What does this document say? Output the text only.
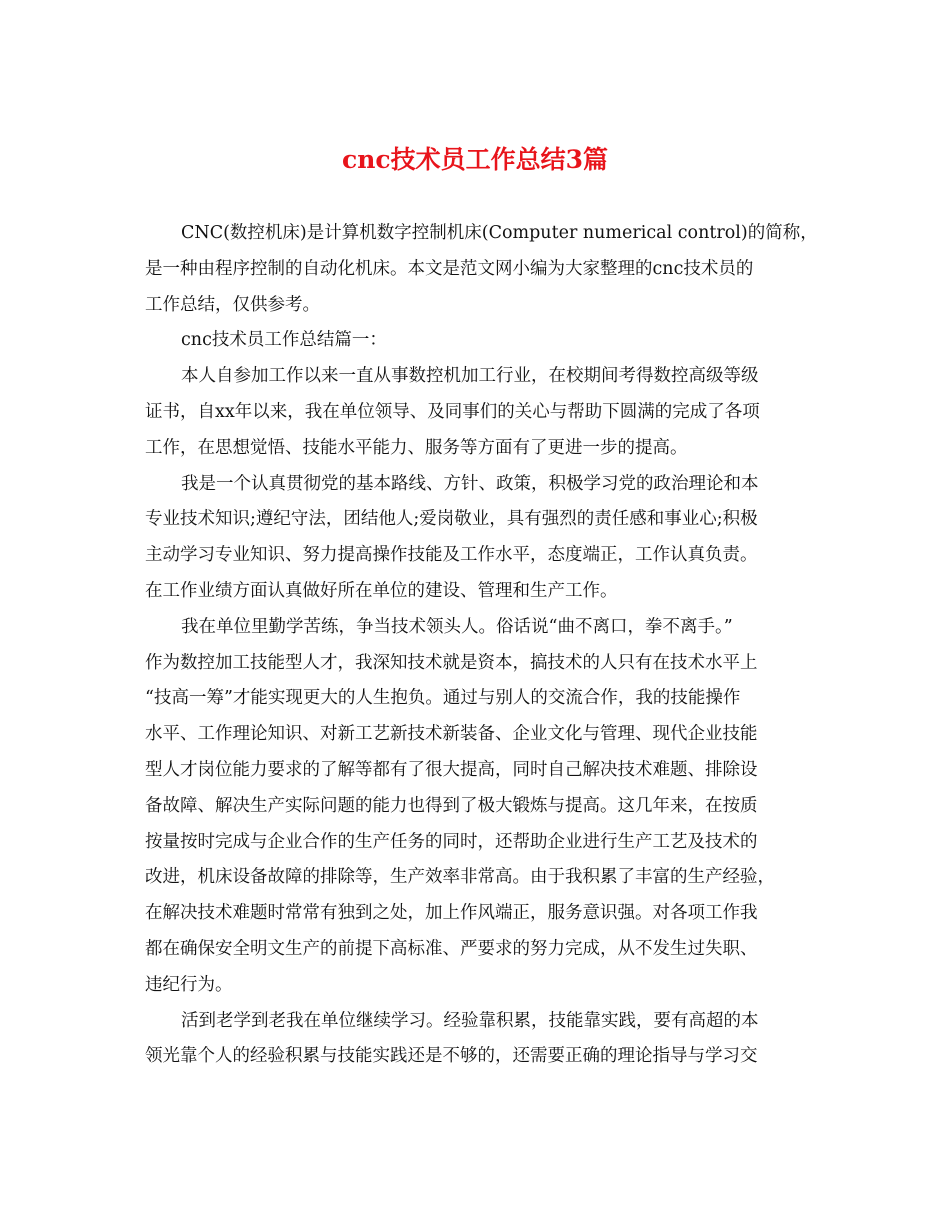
cnc技术员工作总结3篇
CNC(数控机床)是计算机数字控制机床(Computer numerical control)的简称，
是一种由程序控制的自动化机床。本文是范文网小编为大家整理的cnc技术员的
工作总结，仅供参考。
cnc技术员工作总结篇一：
本人自参加工作以来一直从事数控机加工行业，在校期间考得数控高级等级
证书，自xx年以来，我在单位领导、及同事们的关心与帮助下圆满的完成了各项
工作，在思想觉悟、技能水平能力、服务等方面有了更进一步的提高。
我是一个认真贯彻党的基本路线、方针、政策，积极学习党的政治理论和本
专业技术知识;遵纪守法，团结他人;爱岗敬业，具有强烈的责任感和事业心;积极
主动学习专业知识、努力提高操作技能及工作水平，态度端正，工作认真负责。
在工作业绩方面认真做好所在单位的建设、管理和生产工作。
我在单位里勤学苦练，争当技术领头人。俗话说“曲不离口，拳不离手。”
作为数控加工技能型人才，我深知技术就是资本，搞技术的人只有在技术水平上
“技高一筹”才能实现更大的人生抱负。通过与别人的交流合作，我的技能操作
水平、工作理论知识、对新工艺新技术新装备、企业文化与管理、现代企业技能
型人才岗位能力要求的了解等都有了很大提高，同时自己解决技术难题、排除设
备故障、解决生产实际问题的能力也得到了极大锻炼与提高。这几年来，在按质
按量按时完成与企业合作的生产任务的同时，还帮助企业进行生产工艺及技术的
改进，机床设备故障的排除等，生产效率非常高。由于我积累了丰富的生产经验，
在解决技术难题时常常有独到之处，加上作风端正，服务意识强。对各项工作我
都在确保安全明文生产的前提下高标准、严要求的努力完成，从不发生过失职、
违纪行为。
活到老学到老我在单位继续学习。经验靠积累，技能靠实践，要有高超的本
领光靠个人的经验积累与技能实践还是不够的，还需要正确的理论指导与学习交
